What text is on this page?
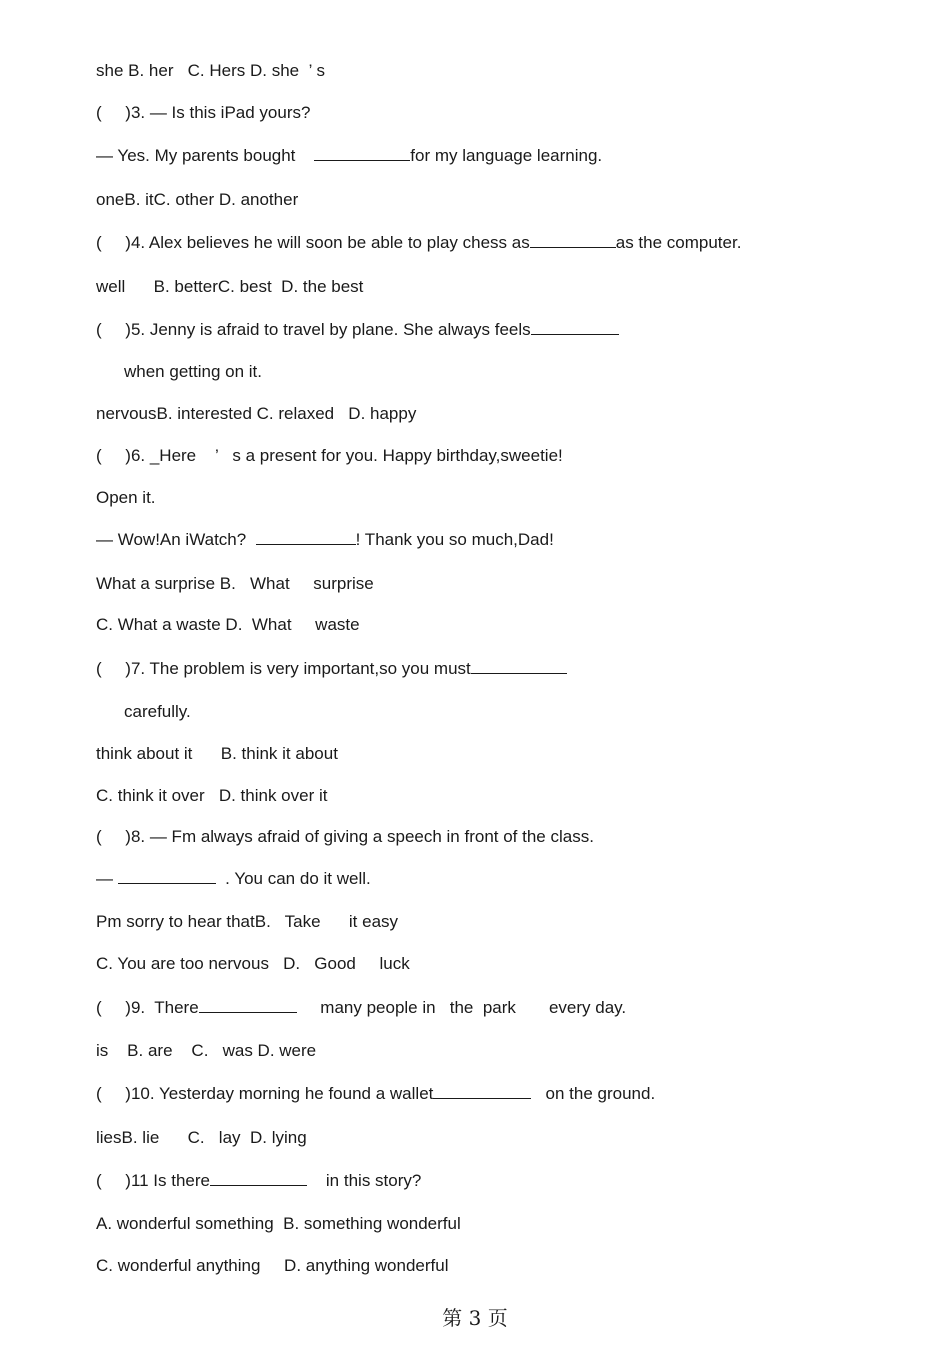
she B. her   C. Hers D. she  ’ s
(     )3. — Is this iPad yours?
— Yes. My parents bought	for my language learning.
oneB. itC. other D. another
(     )4. Alex believes he will soon be able to play chess as	as the computer.
well      B. betterC. best  D. the best
(     )5. Jenny is afraid to travel by plane. She always feels
when getting on it.
nervousB. interested C. relaxed   D. happy
(     )6. _Here    ’   s a present for you. Happy birthday,sweetie!
Open it.
— Wow!An iWatch?	! Thank you so much,Dad!
What a surprise B.   What     surprise
C. What a waste D.  What     waste
(     )7. The problem is very important,so you must
carefully.
think about it      B. think it about
C. think it over   D. think over it
(     )8. — Fm always afraid of giving a speech in front of the class.
—	. You can do it well.
Pm sorry to hear thatB.   Take      it easy
C. You are too nervous   D.   Good     luck
(     )9.  There	many people in   the  park       every day.
is    B. are    C.   was D. were
(     )10. Yesterday morning he found a wallet	on the ground.
liesB. lie      C.   lay  D. lying
(     )11 Is there	in this story?
A. wonderful something  B. something wonderful
C. wonderful anything     D. anything wonderful
第 3 页
